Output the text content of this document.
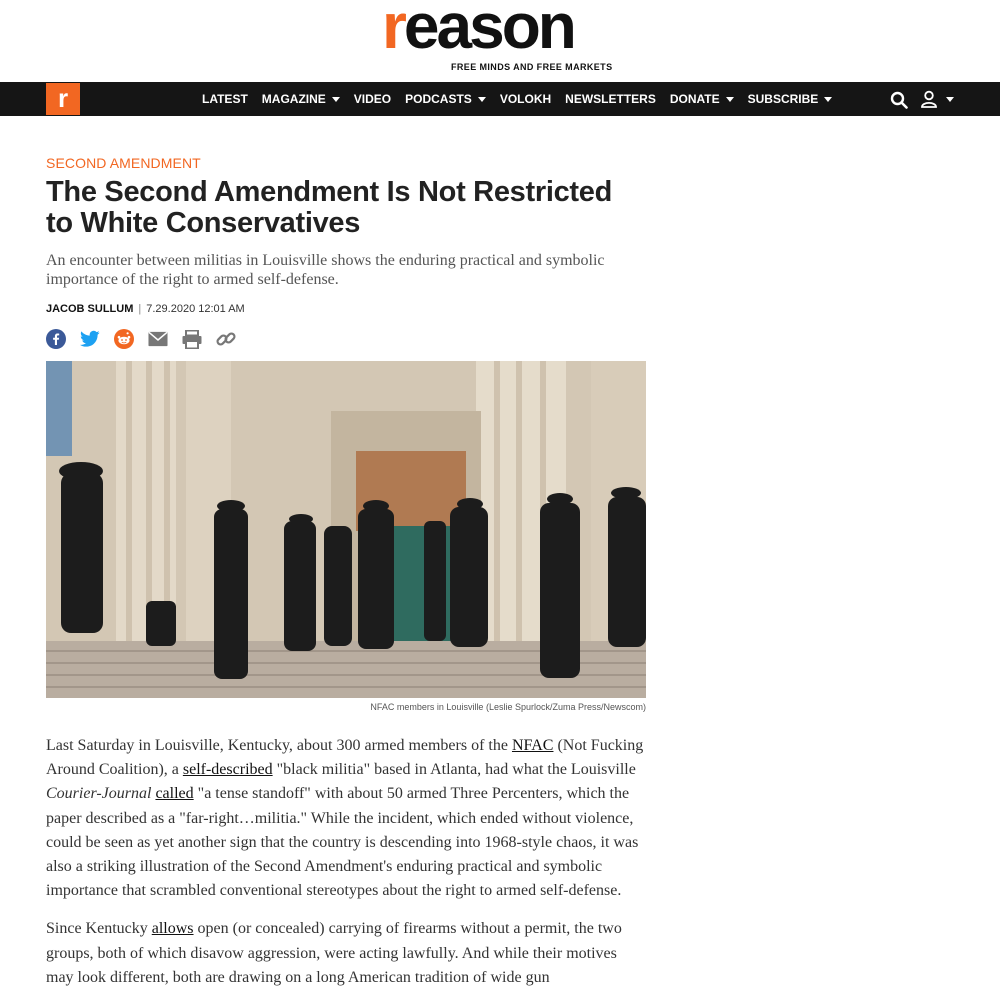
reason
FREE MINDS AND FREE MARKETS
r	LATEST MAGAZINE VIDEO PODCASTS VOLOKH NEWSLETTERS DONATE SUBSCRIBE
SECOND AMENDMENT
The Second Amendment Is Not Restricted to White Conservatives
An encounter between militias in Louisville shows the enduring practical and symbolic importance of the right to armed self-defense.
JACOB SULLUM | 7.29.2020 12:01 AM
NFAC members in Louisville (Leslie Spurlock/Zuma Press/Newscom)

Last Saturday in Louisville, Kentucky, about 300 armed members of the NFAC (Not Fucking Around Coalition), a self-described "black militia" based in Atlanta, had what the Louisville Courier-Journal called "a tense standoff" with about 50 armed Three Percenters, which the paper described as a "far-right…militia." While the incident, which ended without violence, could be seen as yet another sign that the country is descending into 1968-style chaos, it was also a striking illustration of the Second Amendment's enduring practical and symbolic importance that scrambled conventional stereotypes about the right to armed self-defense.

Since Kentucky allows open (or concealed) carrying of firearms without a permit, the two groups, both of which disavow aggression, were acting lawfully. And while their motives may look different, both are drawing on a long American tradition of wide gun
